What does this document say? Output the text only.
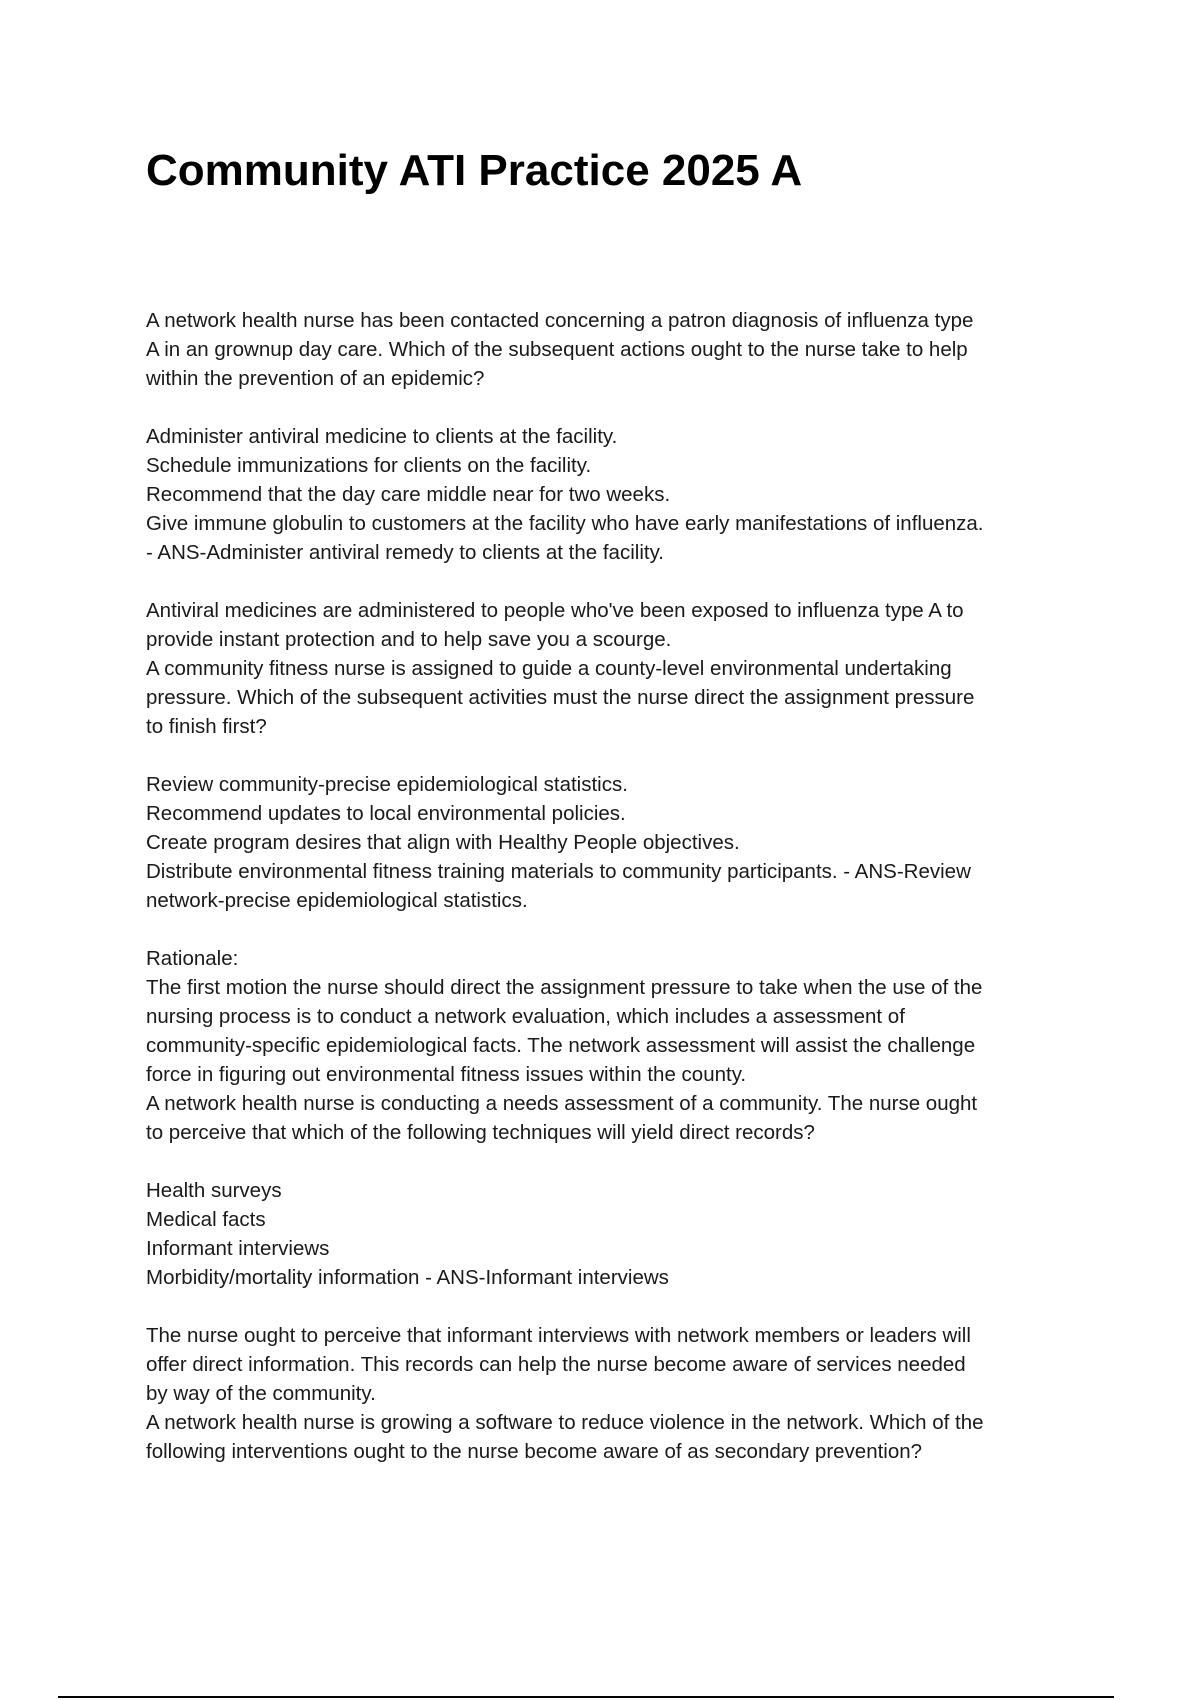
Community ATI Practice 2025 A
A network health nurse has been contacted concerning a patron diagnosis of influenza type
A in an grownup day care. Which of the subsequent actions ought to the nurse take to help
within the prevention of an epidemic?
Administer antiviral medicine to clients at the facility.
Schedule immunizations for clients on the facility.
Recommend that the day care middle near for two weeks.
Give immune globulin to customers at the facility who have early manifestations of influenza.
- ANS-Administer antiviral remedy to clients at the facility.
Antiviral medicines are administered to people who've been exposed to influenza type A to
provide instant protection and to help save you a scourge.
A community fitness nurse is assigned to guide a county-level environmental undertaking
pressure. Which of the subsequent activities must the nurse direct the assignment pressure
to finish first?
Review community-precise epidemiological statistics.
Recommend updates to local environmental policies.
Create program desires that align with Healthy People objectives.
Distribute environmental fitness training materials to community participants. - ANS-Review
network-precise epidemiological statistics.
Rationale:
The first motion the nurse should direct the assignment pressure to take when the use of the
nursing process is to conduct a network evaluation, which includes a assessment of
community-specific epidemiological facts. The network assessment will assist the challenge
force in figuring out environmental fitness issues within the county.
A network health nurse is conducting a needs assessment of a community. The nurse ought
to perceive that which of the following techniques will yield direct records?
Health surveys
Medical facts
Informant interviews
Morbidity/mortality information - ANS-Informant interviews
The nurse ought to perceive that informant interviews with network members or leaders will
offer direct information. This records can help the nurse become aware of services needed
by way of the community.
A network health nurse is growing a software to reduce violence in the network. Which of the
following interventions ought to the nurse become aware of as secondary prevention?
